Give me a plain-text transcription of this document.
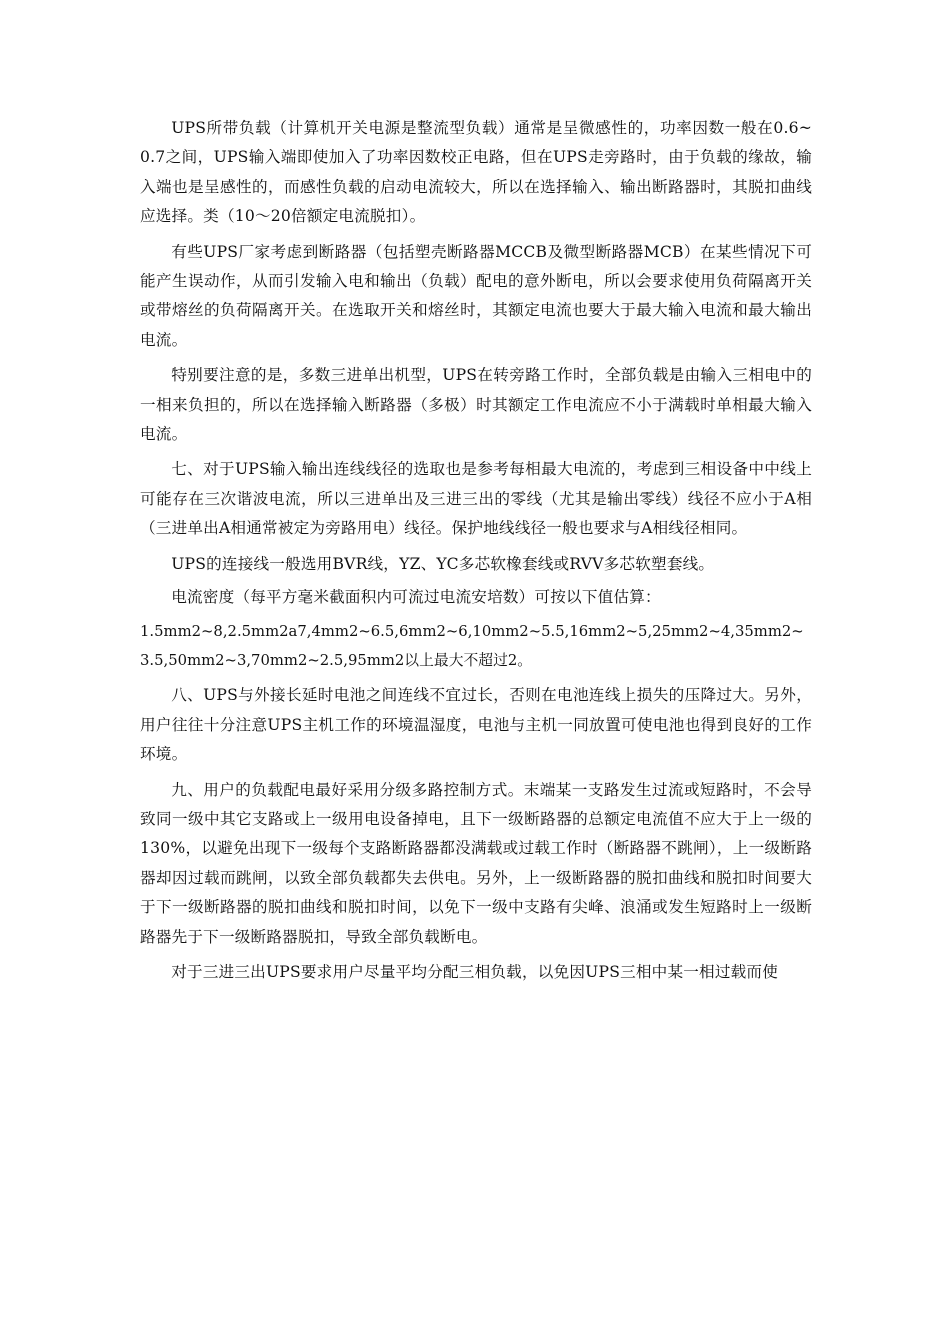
UPS所带负载（计算机开关电源是整流型负载）通常是呈微感性的，功率因数一般在0.6~0.7之间，UPS输入端即使加入了功率因数校正电路，但在UPS走旁路时，由于负载的缘故，输入端也是呈感性的，而感性负载的启动电流较大，所以在选择输入、输出断路器时，其脱扣曲线应选择。类（10～20倍额定电流脱扣）。

有些UPS厂家考虑到断路器（包括塑壳断路器MCCB及微型断路器MCB）在某些情况下可能产生误动作，从而引发输入电和输出（负载）配电的意外断电，所以会要求使用负荷隔离开关或带熔丝的负荷隔离开关。在选取开关和熔丝时，其额定电流也要大于最大输入电流和最大输出电流。

特别要注意的是，多数三进单出机型，UPS在转旁路工作时，全部负载是由输入三相电中的一相来负担的，所以在选择输入断路器（多极）时其额定工作电流应不小于满载时单相最大输入电流。

七、对于UPS输入输出连线线径的选取也是参考每相最大电流的，考虑到三相设备中中线上可能存在三次谐波电流，所以三进单出及三进三出的零线（尤其是输出零线）线径不应小于A相（三进单出A相通常被定为旁路用电）线径。保护地线线径一般也要求与A相线径相同。

UPS的连接线一般选用BVR线，YZ、YC多芯软橡套线或RVV多芯软塑套线。

电流密度（每平方毫米截面积内可流过电流安培数）可按以下值估算：

1.5mm2~8,2.5mm2a7,4mm2~6.5,6mm2~6,10mm2~5.5,16mm2~5,25mm2~4,35mm2~3.5,50mm2~3,70mm2~2.5,95mm2以上最大不超过2。

八、UPS与外接长延时电池之间连线不宜过长，否则在电池连线上损失的压降过大。另外，用户往往十分注意UPS主机工作的环境温湿度，电池与主机一同放置可使电池也得到良好的工作环境。

九、用户的负载配电最好采用分级多路控制方式。末端某一支路发生过流或短路时，不会导致同一级中其它支路或上一级用电设备掉电，且下一级断路器的总额定电流值不应大于上一级的130%，以避免出现下一级每个支路断路器都没满载或过载工作时（断路器不跳闸），上一级断路器却因过载而跳闸，以致全部负载都失去供电。另外，上一级断路器的脱扣曲线和脱扣时间要大于下一级断路器的脱扣曲线和脱扣时间，以免下一级中支路有尖峰、浪涌或发生短路时上一级断路器先于下一级断路器脱扣，导致全部负载断电。

对于三进三出UPS要求用户尽量平均分配三相负载，以免因UPS三相中某一相过载而使
